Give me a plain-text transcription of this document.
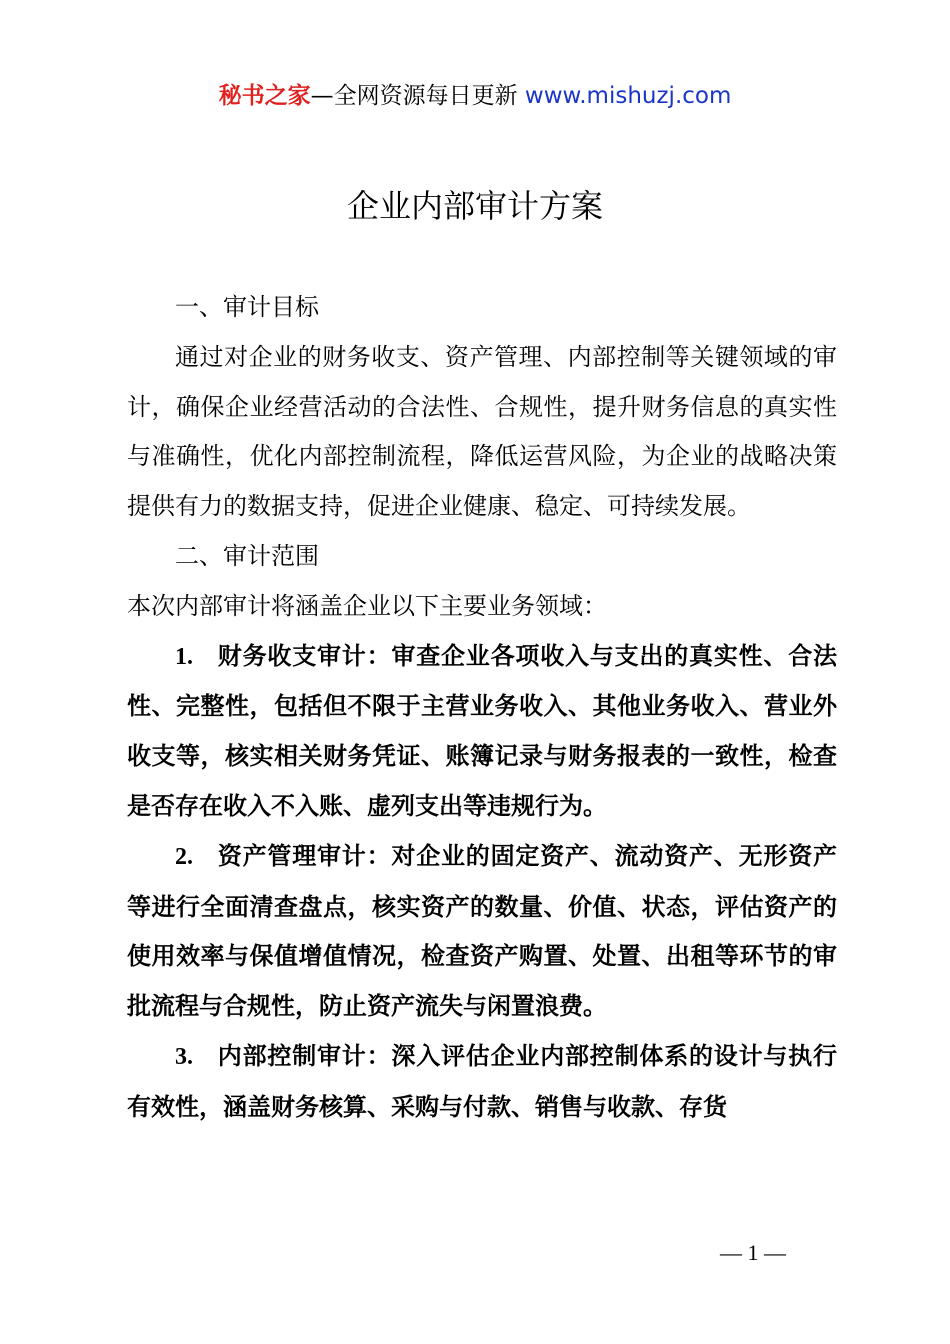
秘书之家—全网资源每日更新 www.mishuzj.com
企业内部审计方案

一、审计目标

通过对企业的财务收支、资产管理、内部控制等关键领域的审计，确保企业经营活动的合法性、合规性，提升财务信息的真实性与准确性，优化内部控制流程，降低运营风险，为企业的战略决策提供有力的数据支持，促进企业健康、稳定、可持续发展。

二、审计范围

本次内部审计将涵盖企业以下主要业务领域：

1. 财务收支审计：审查企业各项收入与支出的真实性、合法性、完整性，包括但不限于主营业务收入、其他业务收入、营业外收支等，核实相关财务凭证、账簿记录与财务报表的一致性，检查是否存在收入不入账、虚列支出等违规行为。

2. 资产管理审计：对企业的固定资产、流动资产、无形资产等进行全面清查盘点，核实资产的数量、价值、状态，评估资产的使用效率与保值增值情况，检查资产购置、处置、出租等环节的审批流程与合规性，防止资产流失与闲置浪费。

3. 内部控制审计：深入评估企业内部控制体系的设计与执行有效性，涵盖财务核算、采购与付款、销售与收款、存货

— 1 —
